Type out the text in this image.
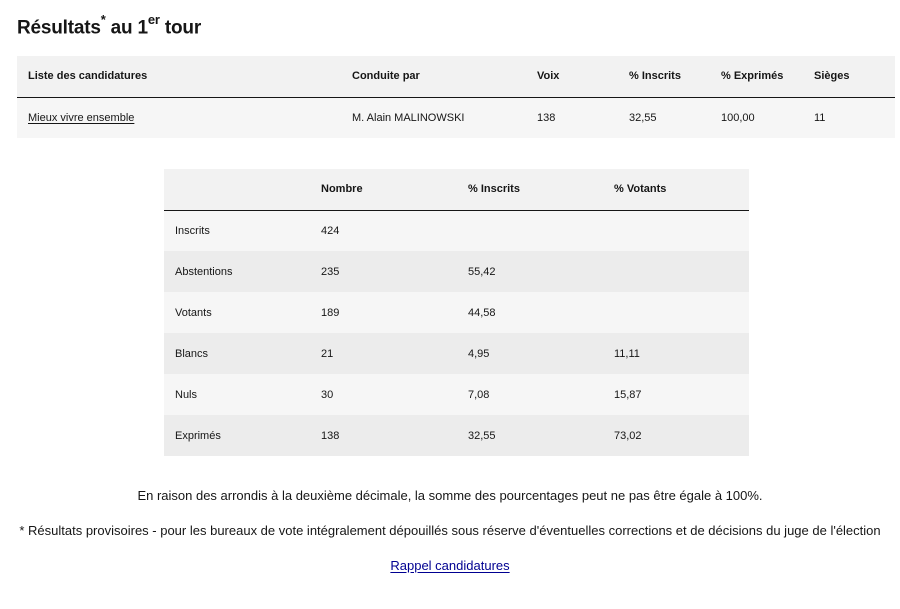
Résultats* au 1er tour
Liste des candidatures	Conduite par	Voix	% Inscrits	% Exprimés	Sièges
Mieux vivre ensemble	M. Alain MALINOWSKI	138	32,55	100,00	11
	Nombre	% Inscrits	% Votants
Inscrits	424		
Abstentions	235	55,42	
Votants	189	44,58	
Blancs	21	4,95	11,11
Nuls	30	7,08	15,87
Exprimés	138	32,55	73,02

En raison des arrondis à la deuxième décimale, la somme des pourcentages peut ne pas être égale à 100%.

* Résultats provisoires - pour les bureaux de vote intégralement dépouillés sous réserve d'éventuelles corrections et de décisions du juge de l'élection

Rappel candidatures
